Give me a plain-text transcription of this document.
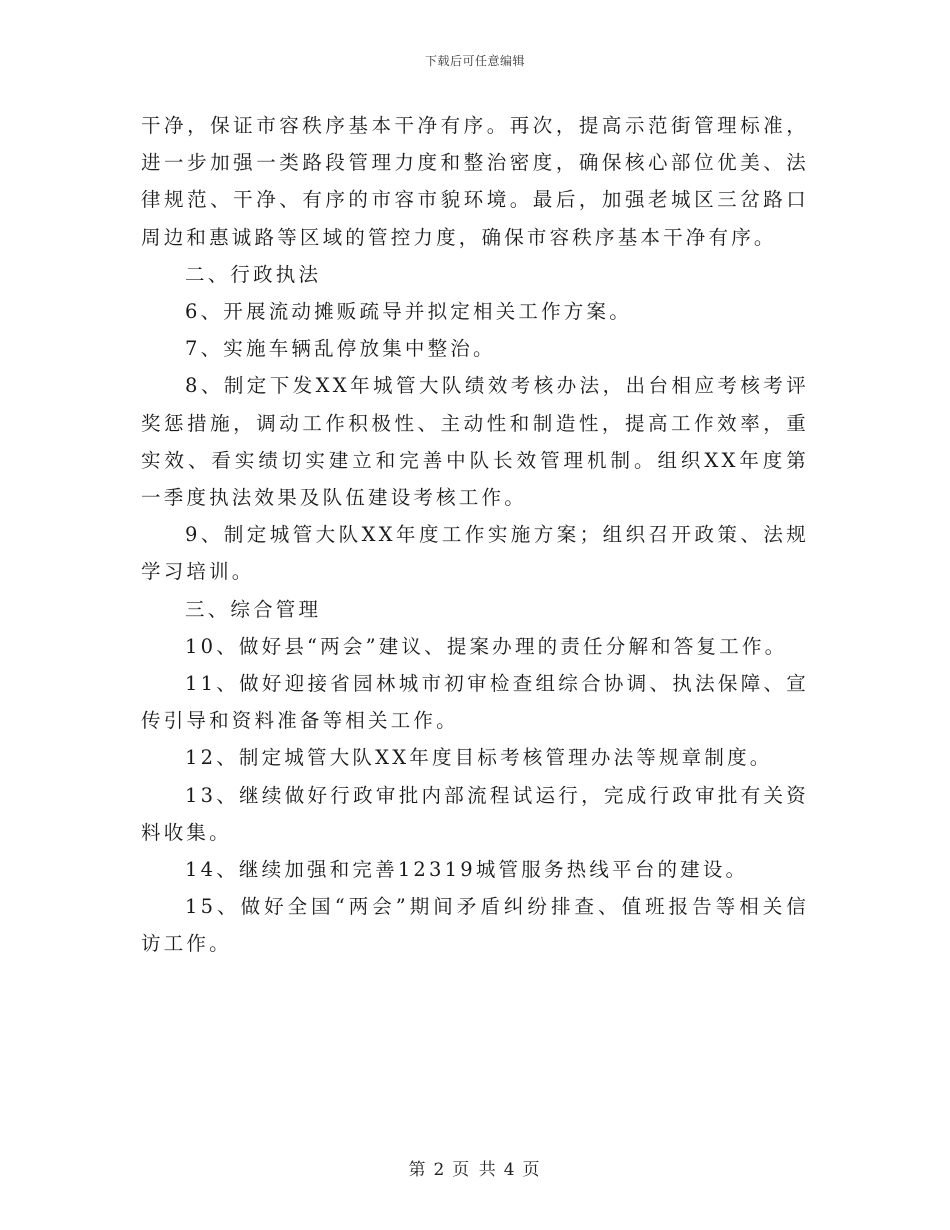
下载后可任意编辑

干净，保证市容秩序基本干净有序。再次，提高示范街管理标准，进一步加强一类路段管理力度和整治密度，确保核心部位优美、法律规范、干净、有序的市容市貌环境。最后，加强老城区三岔路口周边和惠诚路等区域的管控力度，确保市容秩序基本干净有序。

二、行政执法

6、开展流动摊贩疏导并拟定相关工作方案。

7、实施车辆乱停放集中整治。

8、制定下发XX年城管大队绩效考核办法，出台相应考核考评奖惩措施，调动工作积极性、主动性和制造性，提高工作效率，重实效、看实绩切实建立和完善中队长效管理机制。组织XX年度第一季度执法效果及队伍建设考核工作。

9、制定城管大队XX年度工作实施方案；组织召开政策、法规学习培训。

三、综合管理

10、做好县“两会”建议、提案办理的责任分解和答复工作。

11、做好迎接省园林城市初审检查组综合协调、执法保障、宣传引导和资料准备等相关工作。

12、制定城管大队XX年度目标考核管理办法等规章制度。

13、继续做好行政审批内部流程试运行，完成行政审批有关资料收集。

14、继续加强和完善12319城管服务热线平台的建设。

15、做好全国“两会”期间矛盾纠纷排查、值班报告等相关信访工作。

第 2 页 共 4 页
